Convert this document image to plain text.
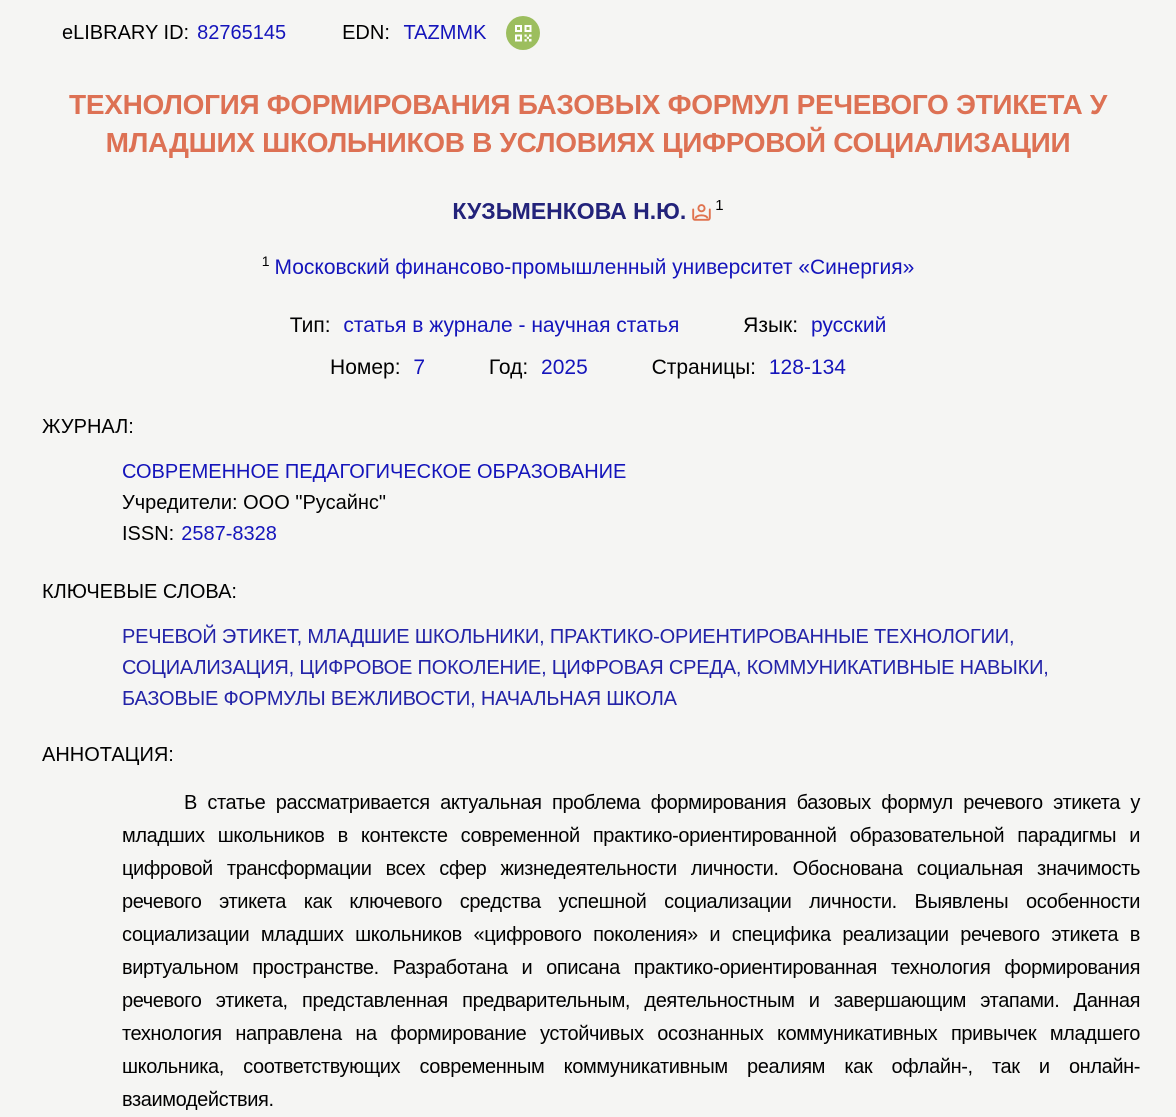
eLIBRARY ID: 82765145	EDN: TAZMMK
ТЕХНОЛОГИЯ ФОРМИРОВАНИЯ БАЗОВЫХ ФОРМУЛ РЕЧЕВОГО ЭТИКЕТА У МЛАДШИХ ШКОЛЬНИКОВ В УСЛОВИЯХ ЦИФРОВОЙ СОЦИАЛИЗАЦИИ
КУЗЬМЕНКОВА Н.Ю. $^1$
$^1$ Московский финансово-промышленный университет «Синергия»
Тип: статья в журнале - научная статья	Язык: русский
Номер: 7	Год: 2025	Страницы: 128-134
ЖУРНАЛ:
СОВРЕМЕННОЕ ПЕДАГОГИЧЕСКОЕ ОБРАЗОВАНИЕ
Учредители: ООО "Русайнс"
ISSN: 2587-8328
КЛЮЧЕВЫЕ СЛОВА:
РЕЧЕВОЙ ЭТИКЕТ, МЛАДШИЕ ШКОЛЬНИКИ, ПРАКТИКО-ОРИЕНТИРОВАННЫЕ ТЕХНОЛОГИИ, СОЦИАЛИЗАЦИЯ, ЦИФРОВОЕ ПОКОЛЕНИЕ, ЦИФРОВАЯ СРЕДА, КОММУНИКАТИВНЫЕ НАВЫКИ, БАЗОВЫЕ ФОРМУЛЫ ВЕЖЛИВОСТИ, НАЧАЛЬНАЯ ШКОЛА
АННОТАЦИЯ:
В статье рассматривается актуальная проблема формирования базовых формул речевого этикета у младших школьников в контексте современной практико-ориентированной образовательной парадигмы и цифровой трансформации всех сфер жизнедеятельности личности. Обоснована социальная значимость речевого этикета как ключевого средства успешной социализации личности. Выявлены особенности социализации младших школьников «цифрового поколения» и специфика реализации речевого этикета в виртуальном пространстве. Разработана и описана практико-ориентированная технология формирования речевого этикета, представленная предварительным, деятельностным и завершающим этапами. Данная технология направлена на формирование устойчивых осознанных коммуникативных привычек младшего школьника, соответствующих современным коммуникативным реалиям как офлайн-, так и онлайн-взаимодействия.
